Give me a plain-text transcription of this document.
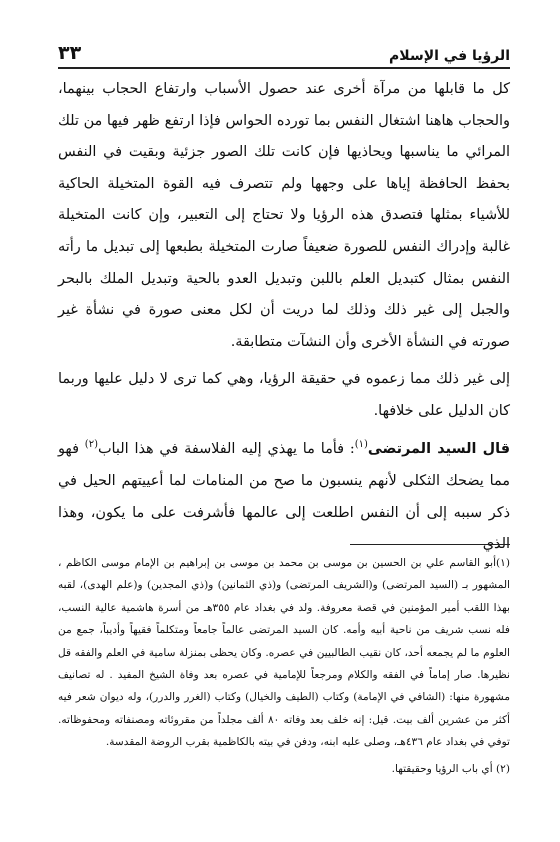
الرؤيا في الإسلام
٣٣

كل ما قابلها من مرآة أخرى عند حصول الأسباب وارتفاع الحجاب بينهما، والحجاب هاهنا اشتغال النفس بما تورده الحواس فإذا ارتفع ظهر فيها من تلك المرائي ما يناسبها ويحاذيها فإن كانت تلك الصور جزئية وبقيت في النفس بحفظ الحافظة إياها على وجهها ولم تتصرف فيه القوة المتخيلة الحاكية للأشياء بمثلها فتصدق هذه الرؤيا ولا تحتاج إلى التعبير، وإن كانت المتخيلة غالبة وإدراك النفس للصورة ضعيفاً صارت المتخيلة بطبعها إلى تبديل ما رأته النفس بمثال كتبديل العلم باللبن وتبديل العدو بالحية وتبديل الملك بالبحر والجبل إلى غير ذلك وذلك لما دريت أن لكل معنى صورة في نشأة غير صورته في النشأة الأخرى وأن النشآت متطابقة.

إلى غير ذلك مما زعموه في حقيقة الرؤيا، وهي كما ترى لا دليل عليها وربما كان الدليل على خلافها.

قال السيد المرتضى$^{(١)}$: فأما ما يهذي إليه الفلاسفة في هذا الباب$^{(٢)}$ فهو مما يضحك الثكلى لأنهم ينسبون ما صح من المنامات لما أعييتهم الحيل في ذكر سببه إلى أن النفس اطلعت إلى عالمها فأشرفت على ما يكون، وهذا الذي

(١)أبو القاسم علي بن الحسين بن موسى بن محمد بن موسى بن إبراهيم بن الإمام موسى الكاظم ، المشهور بـ (السيد المرتضى) و(الشريف المرتضى) و(ذي الثمانين) و(ذي المجدين) و(علم الهدى)، لقبه بهذا اللقب أمير المؤمنين في قصة معروفة. ولد في بغداد عام ٣٥٥هـ من أسرة هاشمية عالية النسب، فله نسب شريف من ناحية أبيه وأمه. كان السيد المرتضى عالماً جامعاً ومتكلماً فقيهاً وأديباً، جمع من العلوم ما لم يجمعه أحد، كان نقيب الطالبيين في عصره. وكان يحظى بمنزلة سامية في العلم والفقه قل نظيرها. صار إماماً في الفقه والكلام ومرجعاً للإمامية في عصره بعد وفاة الشيخ المفيد . له تصانيف مشهورة منها: (الشافي في الإمامة) وكتاب (الطيف والخيال) وكتاب (الغرر والدرر)، وله ديوان شعر فيه أكثر من عشرين ألف بيت. قيل: إنه خلف بعد وفاته ٨٠ ألف مجلداً من مقروئاته ومصنفاته ومحفوظاته. توفي في بغداد عام ٤٣٦هـ، وصلى عليه ابنه، ودفن في بيته بالكاظمية بقرب الروضة المقدسة.

(٢) أي باب الرؤيا وحقيقتها.
